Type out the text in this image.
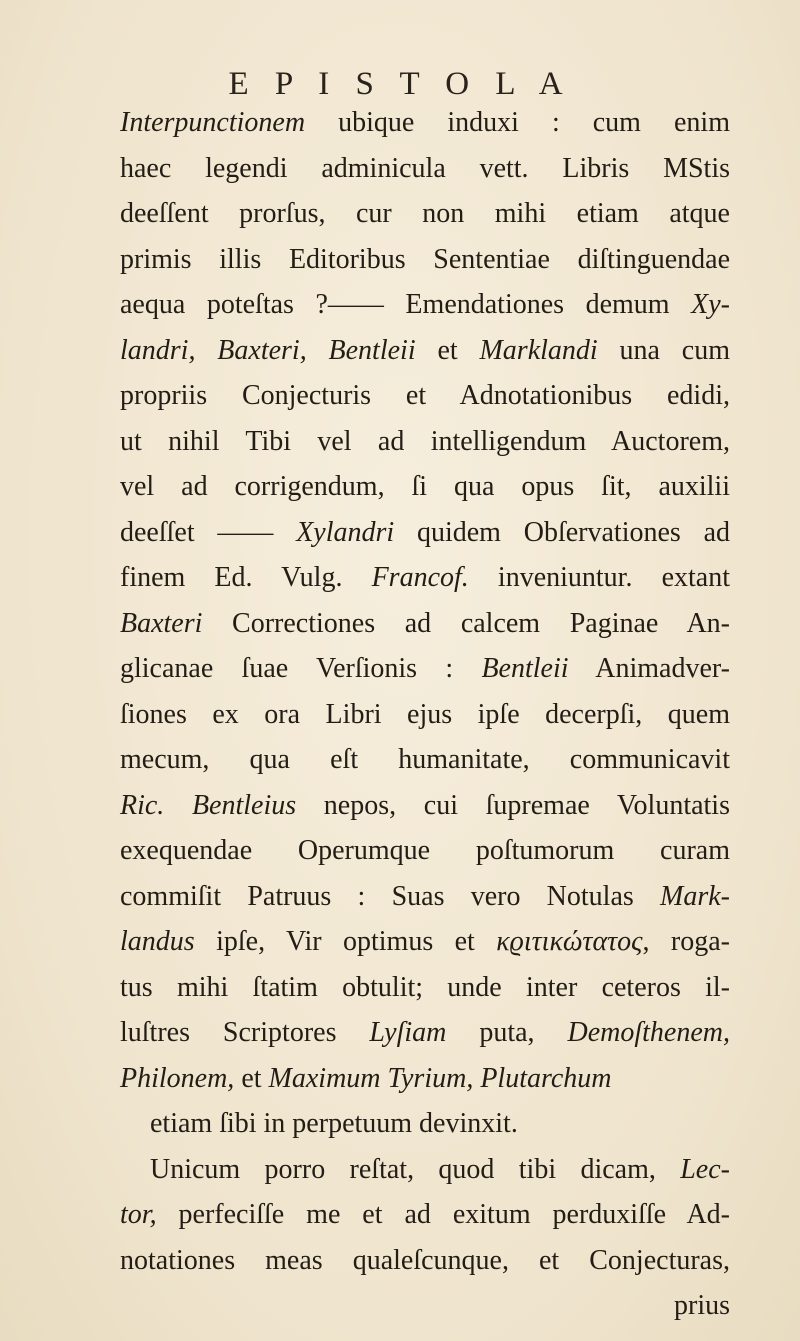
E P I S T O L A
Interpunctionem ubique induxi : cum enim
haec legendi adminicula vett. Libris MStis
deeſſent prorſus, cur non mihi etiam atque
primis illis Editoribus Sententiae diſtinguendae
aequa poteſtas ?—— Emendationes demum Xy-
landri, Baxteri, Bentleii et Marklandi una cum
propriis Conjecturis et Adnotationibus edidi,
ut nihil Tibi vel ad intelligendum Auctorem,
vel ad corrigendum, ſi qua opus ſit, auxilii
deeſſet —— Xylandri quidem Obſervationes ad
finem Ed. Vulg. Francof. inveniuntur. extant
Baxteri Correctiones ad calcem Paginae An-
glicanae ſuae Verſionis : Bentleii Animadver-
ſiones ex ora Libri ejus ipſe decerpſi, quem
mecum, qua eſt humanitate, communicavit
Ric. Bentleius nepos, cui ſupremae Voluntatis
exequendae Operumque poſtumorum curam
commiſit Patruus : Suas vero Notulas Mark-
landus ipſe, Vir optimus et κϱιτικώτατος, roga-
tus mihi ſtatim obtulit; unde inter ceteros il-
luſtres Scriptores Lyſiam puta, Demoſthenem,
Philonem, et Maximum Tyrium, Plutarchum
etiam ſibi in perpetuum devinxit.
Unicum porro reſtat, quod tibi dicam, Lec-
tor, perfeciſſe me et ad exitum perduxiſſe Ad-
notationes meas qualeſcunque, et Conjecturas,
prius
